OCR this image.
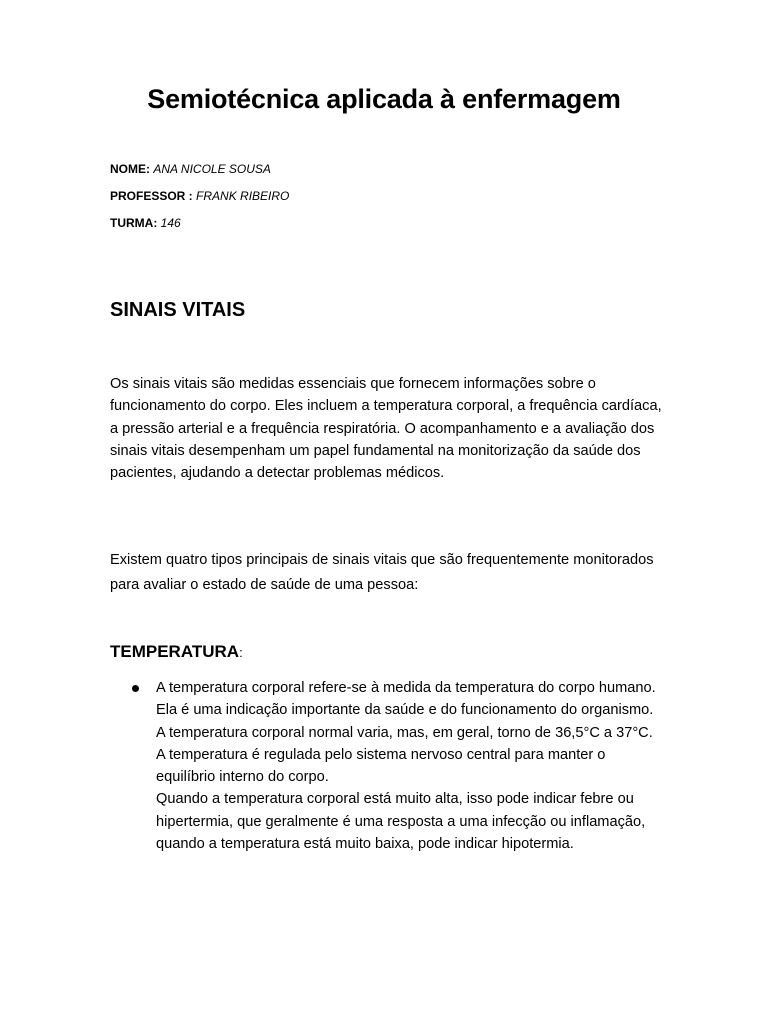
Semiotécnica aplicada à enfermagem

NOME: ANA NICOLE SOUSA

PROFESSOR : FRANK RIBEIRO

TURMA: 146

SINAIS VITAIS

Os sinais vitais são medidas essenciais que fornecem informações sobre o funcionamento do corpo. Eles incluem a temperatura corporal, a frequência cardíaca, a pressão arterial e a frequência respiratória. O acompanhamento e a avaliação dos sinais vitais desempenham um papel fundamental na monitorização da saúde dos pacientes, ajudando a detectar problemas médicos.

Existem quatro tipos principais de sinais vitais que são frequentemente monitorados para avaliar o estado de saúde de uma pessoa:

TEMPERATURA:

A temperatura corporal refere-se à medida da temperatura do corpo humano. Ela é uma indicação importante da saúde e do funcionamento do organismo. A temperatura corporal normal varia, mas, em geral, torno de 36,5°C a 37°C. A temperatura é regulada pelo sistema nervoso central para manter o equilíbrio interno do corpo.
Quando a temperatura corporal está muito alta, isso pode indicar febre ou hipertermia, que geralmente é uma resposta a uma infecção ou inflamação, quando a temperatura está muito baixa, pode indicar hipotermia.
